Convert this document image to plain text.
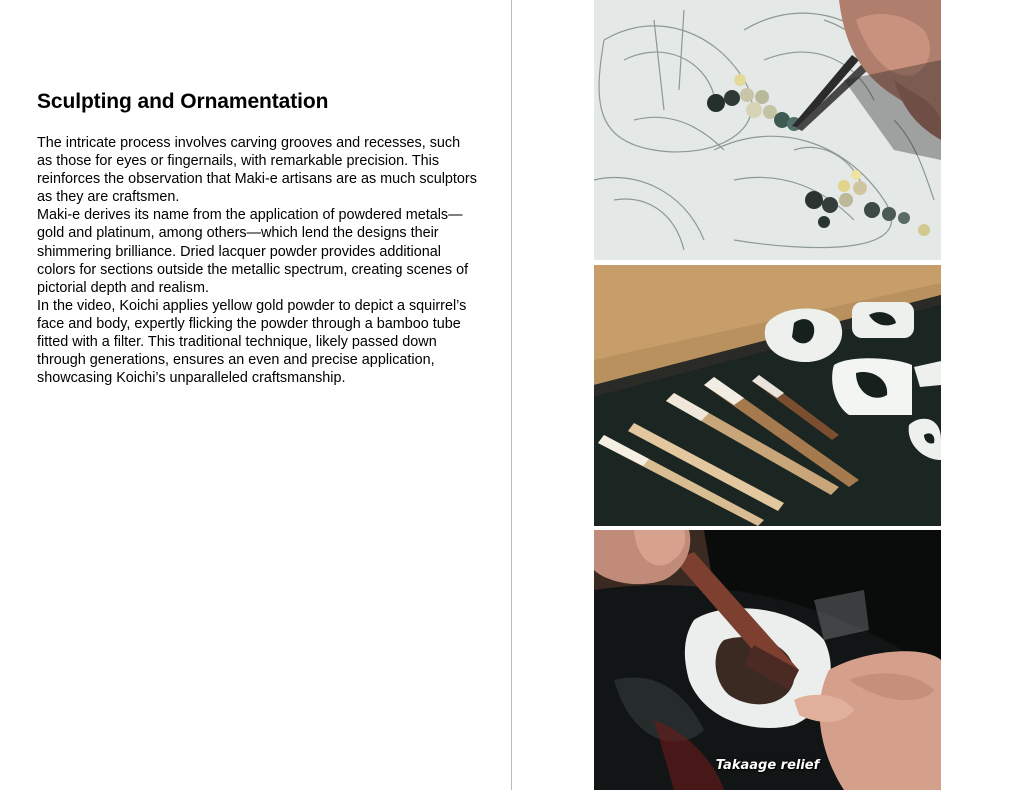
Sculpting and Ornamentation

The intricate process involves carving grooves and recesses, such as those for eyes or fingernails, with remarkable precision. This reinforces the observation that Maki-e artisans are as much sculptors as they are craftsmen.

Maki-e derives its name from the application of powdered metals—gold and platinum, among others—which lend the designs their shimmering brilliance. Dried lacquer powder provides additional colors for sections outside the metallic spectrum, creating scenes of pictorial depth and realism.

In the video, Koichi applies yellow gold powder to depict a squirrel’s face and body, expertly flicking the powder through a bamboo tube fitted with a filter. This traditional technique, likely passed down through generations, ensures an even and precise application, showcasing Koichi’s unparalleled craftsmanship.

Takaage relief
